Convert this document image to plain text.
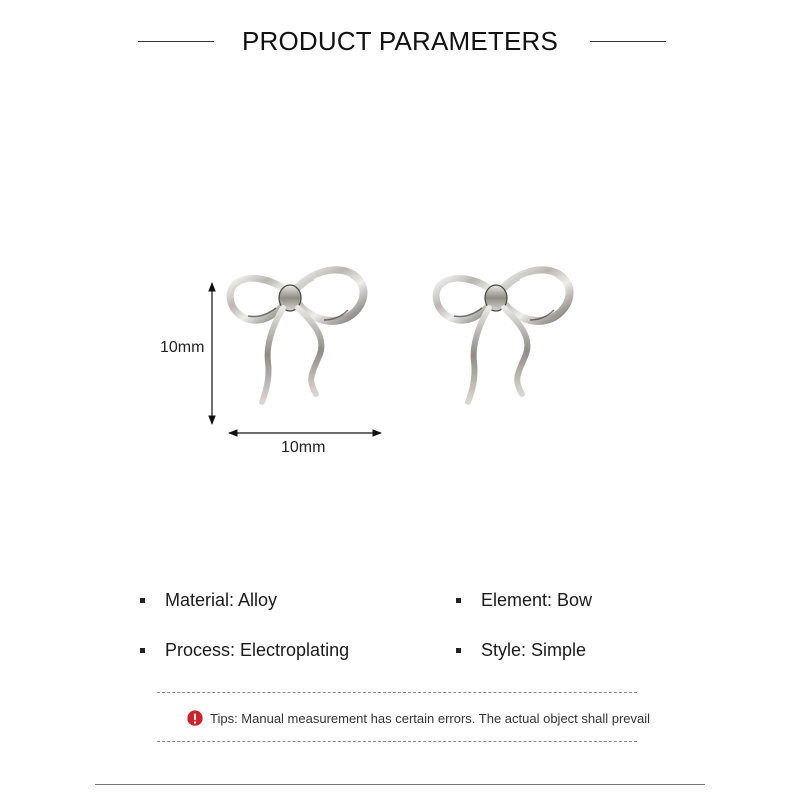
PRODUCT PARAMETERS
10mm
10mm
Material: Alloy	Element: Bow
Process: Electroplating	Style: Simple
Tips: Manual measurement has certain errors. The actual object shall prevail
